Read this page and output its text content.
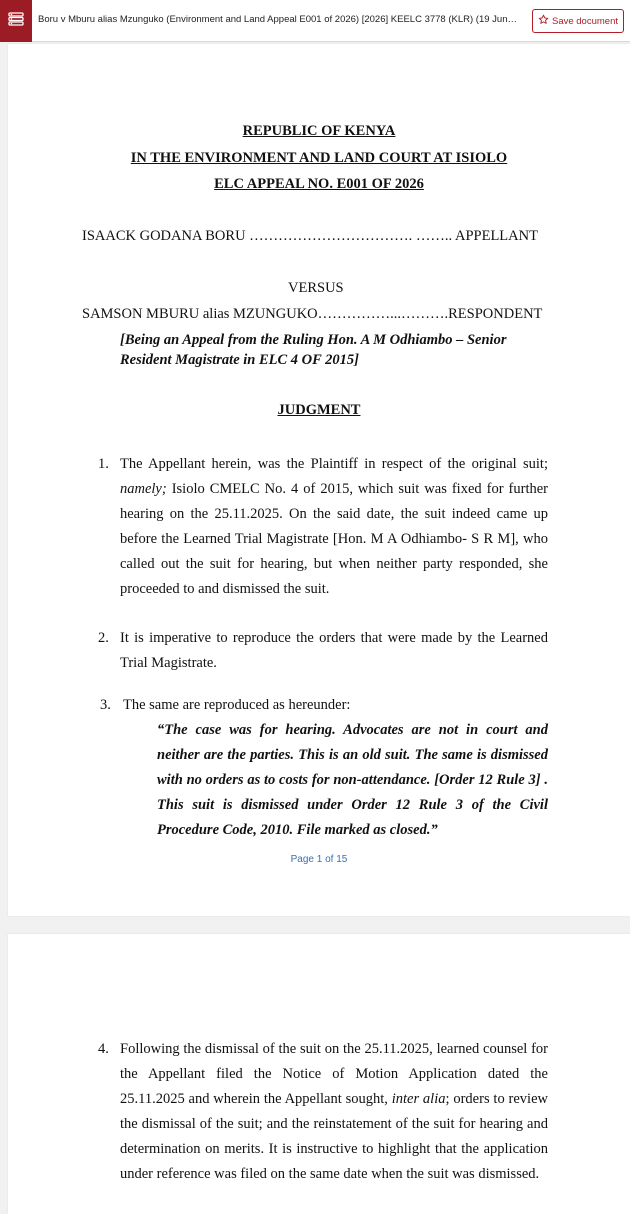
Boru v Mburu alias Mzunguko (Environment and Land Appeal E001 of 2026) [2026] KEELC 3778 (KLR) (19 Jun…	Save document
REPUBLIC OF KENYA
IN THE ENVIRONMENT AND LAND COURT AT ISIOLO
ELC APPEAL NO. E001 OF 2026
ISAACK GODANA BORU ……………………………. …….. APPELLANT
VERSUS
SAMSON MBURU alias MZUNGUKO……………...……….RESPONDENT
[Being an Appeal from the Ruling Hon. A M Odhiambo – Senior
Resident Magistrate in ELC 4 OF 2015]
JUDGMENT
1. The Appellant herein, was the Plaintiff in respect of the original suit;
namely; Isiolo CMELC No. 4 of 2015, which suit was fixed for further
hearing on the 25.11.2025. On the said date, the suit indeed came up
before the Learned Trial Magistrate [Hon. M A Odhiambo- S R M], who
called out the suit for hearing, but when neither party responded, she
proceeded to and dismissed the suit.
2. It is imperative to reproduce the orders that were made by the Learned
Trial Magistrate.
3. The same are reproduced as hereunder:
“The case was for hearing. Advocates are not in court and
neither are the parties. This is an old suit. The same is dismissed
with no orders as to costs for non-attendance. [Order 12 Rule 3] .
This suit is dismissed under Order 12 Rule 3 of the Civil
Procedure Code, 2010. File marked as closed.”
Page 1 of 15
4. Following the dismissal of the suit on the 25.11.2025, learned counsel for
the Appellant filed the Notice of Motion Application dated the
25.11.2025 and wherein the Appellant sought, inter alia; orders to review
the dismissal of the suit; and the reinstatement of the suit for hearing and
determination on merits. It is instructive to highlight that the application
under reference was filed on the same date when the suit was dismissed.
